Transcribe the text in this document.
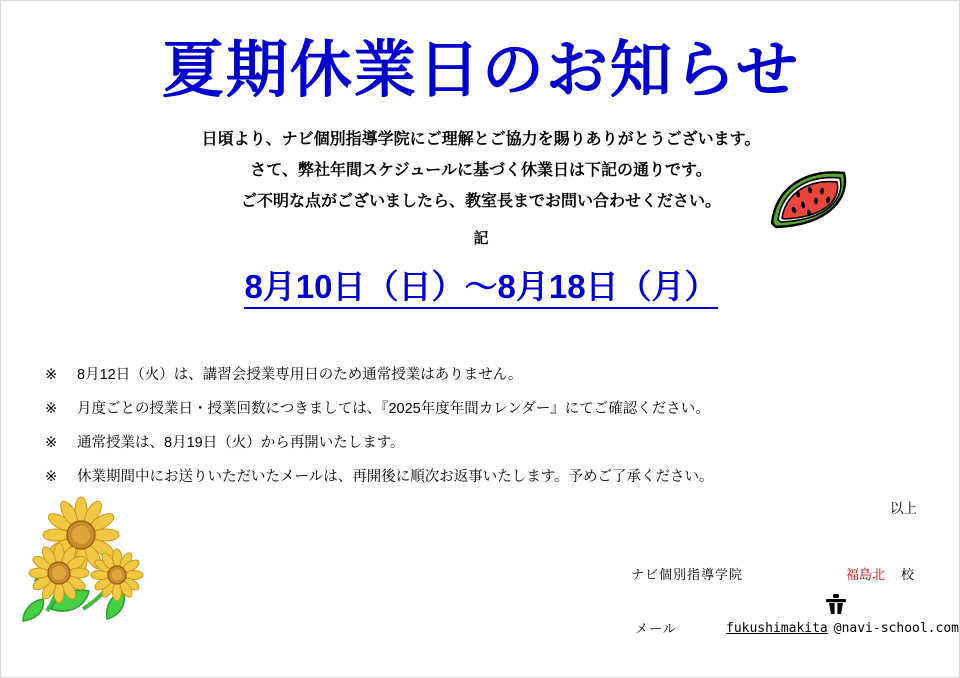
夏期休業日のお知らせ
日頃より、ナビ個別指導学院にご理解とご協力を賜りありがとうございます。
さて、弊社年間スケジュールに基づく休業日は下記の通りです。
ご不明な点がございましたら、教室長までお問い合わせください。
記
8月10日（日）～8月18日（月）
※	8月12日（火）は、講習会授業専用日のため通常授業はありません。
※	月度ごとの授業日・授業回数につきましては、『2025年度年間カレンダー』にてご確認ください。
※	通常授業は、8月19日（火）から再開いたします。
※	休業期間中にお送りいただいたメールは、再開後に順次お返事いたします。予めご了承ください。
以上
ナビ個別指導学院	福島北 校
メール	fukushimakita @navi-school.com
